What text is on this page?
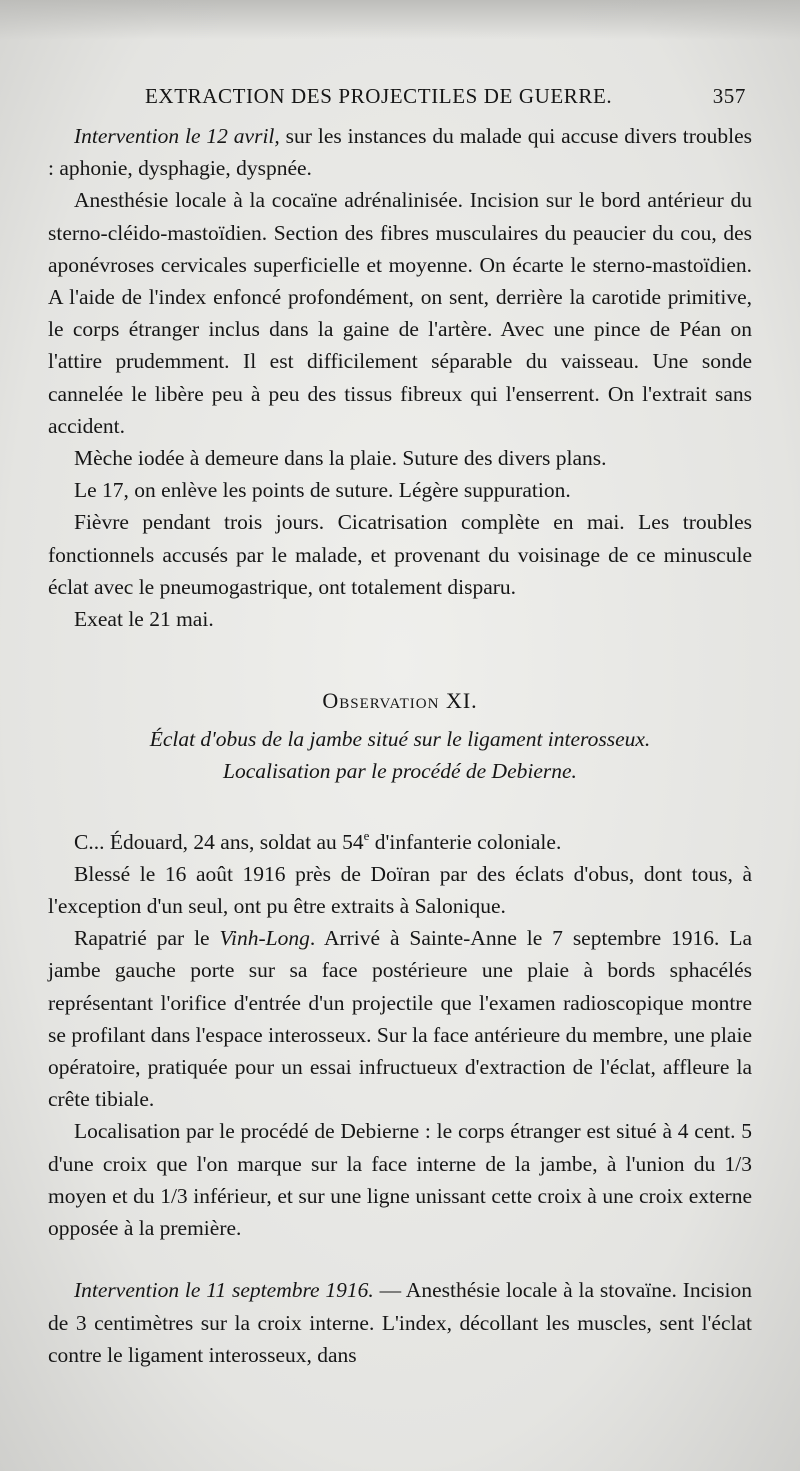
EXTRACTION DES PROJECTILES DE GUERRE.	357

Intervention le 12 avril, sur les instances du malade qui accuse divers troubles : aphonie, dysphagie, dyspnée.

Anesthésie locale à la cocaïne adrénalinisée. Incision sur le bord antérieur du sterno-cléido-mastoïdien. Section des fibres musculaires du peaucier du cou, des aponévroses cervicales superficielle et moyenne. On écarte le sterno-mastoïdien. A l'aide de l'index enfoncé profondément, on sent, derrière la carotide primitive, le corps étranger inclus dans la gaine de l'artère. Avec une pince de Péan on l'attire prudemment. Il est difficilement séparable du vaisseau. Une sonde cannelée le libère peu à peu des tissus fibreux qui l'enserrent. On l'extrait sans accident.

Mèche iodée à demeure dans la plaie. Suture des divers plans.

Le 17, on enlève les points de suture. Légère suppuration.

Fièvre pendant trois jours. Cicatrisation complète en mai. Les troubles fonctionnels accusés par le malade, et provenant du voisinage de ce minuscule éclat avec le pneumogastrique, ont totalement disparu.

Exeat le 21 mai.

Observation XI.

Éclat d'obus de la jambe situé sur le ligament interosseux.

Localisation par le procédé de Debierne.

C... Édouard, 24 ans, soldat au 54e d'infanterie coloniale.

Blessé le 16 août 1916 près de Doïran par des éclats d'obus, dont tous, à l'exception d'un seul, ont pu être extraits à Salonique.

Rapatrié par le Vinh-Long. Arrivé à Sainte-Anne le 7 septembre 1916. La jambe gauche porte sur sa face postérieure une plaie à bords sphacélés représentant l'orifice d'entrée d'un projectile que l'examen radioscopique montre se profilant dans l'espace interosseux. Sur la face antérieure du membre, une plaie opératoire, pratiquée pour un essai infructueux d'extraction de l'éclat, affleure la crête tibiale.

Localisation par le procédé de Debierne : le corps étranger est situé à 4 cent. 5 d'une croix que l'on marque sur la face interne de la jambe, à l'union du 1/3 moyen et du 1/3 inférieur, et sur une ligne unissant cette croix à une croix externe opposée à la première.

Intervention le 11 septembre 1916. — Anesthésie locale à la stovaïne. Incision de 3 centimètres sur la croix interne. L'index, décollant les muscles, sent l'éclat contre le ligament interosseux, dans
